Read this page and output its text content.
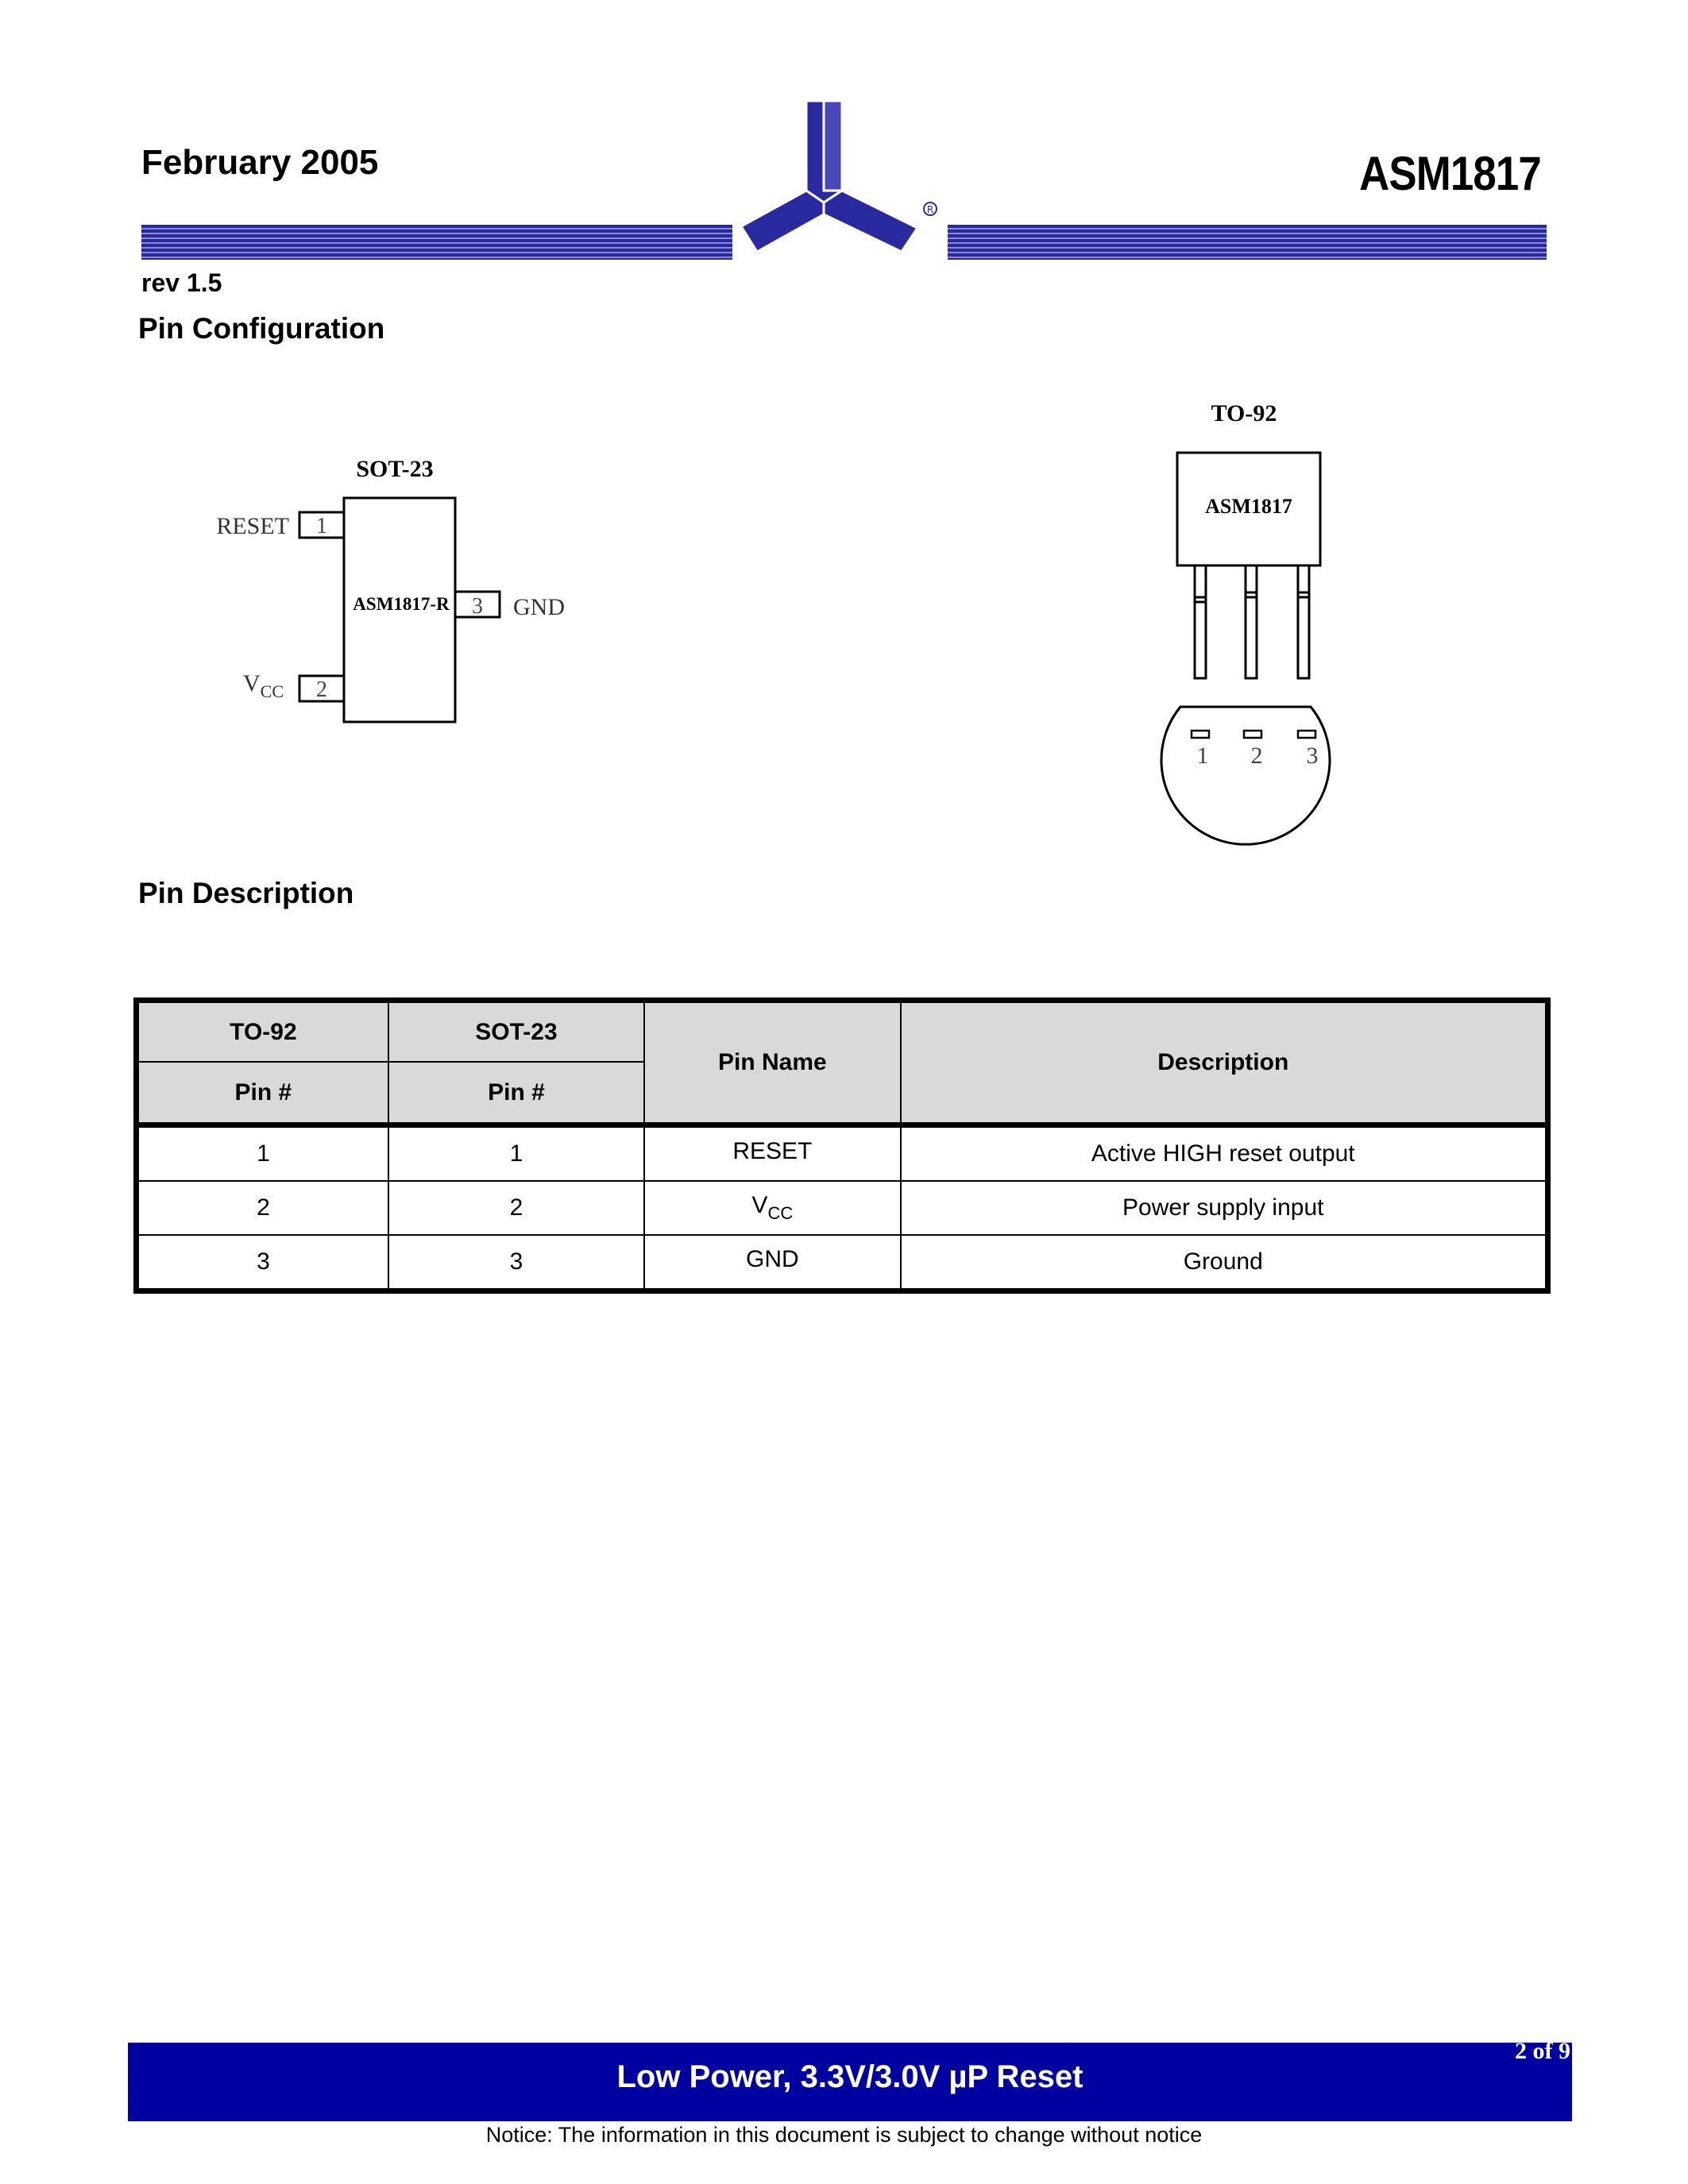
February 2005	ASM1817
R
rev 1.5
Pin Configuration
SOT-23
ASM1817-R
1
RESET
2
$V_{CC}$
3 GND
TO-92
ASM1817
1 2 3
Pin Description
TO-92	SOT-23	Pin Name	Description
Pin #	Pin #		
1	1	RESET	Active HIGH reset output
2	2	$V_{CC}$	Power supply input
3	3	GND	Ground
Low Power, 3.3V/3.0V µP Reset
2 of 9
Notice: The information in this document is subject to change without notice
